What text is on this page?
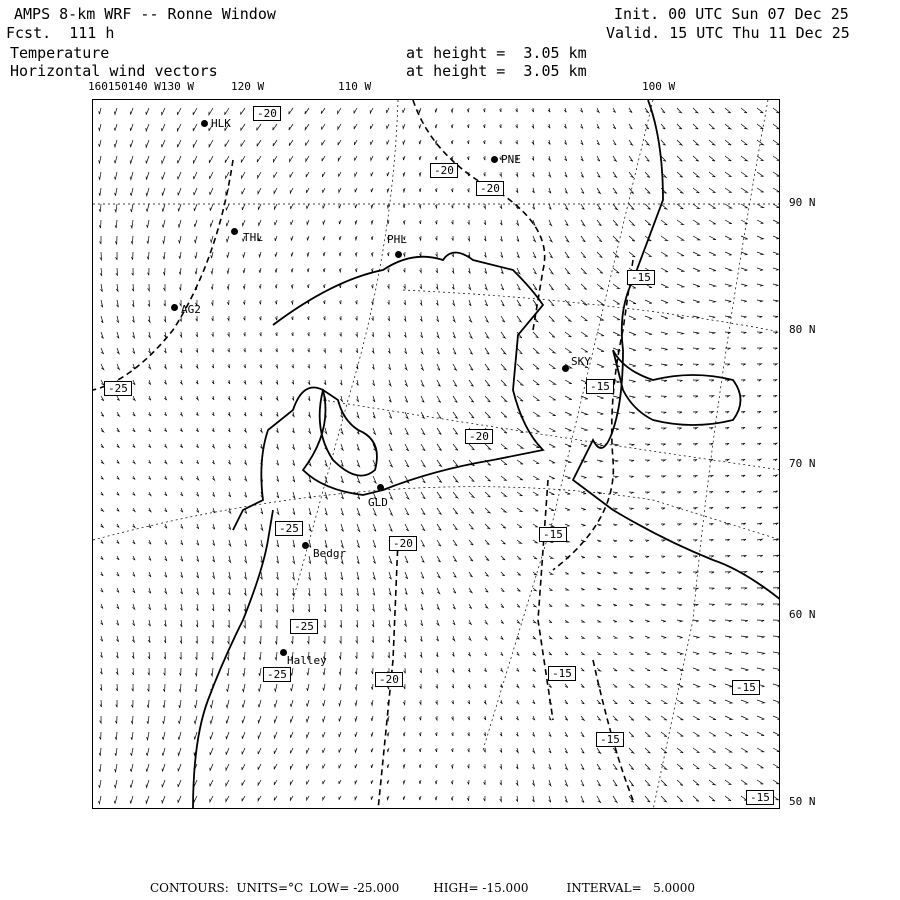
AMPS 8-km WRF -- Ronne Window
Fcst.  111 h
Temperature
Horizontal wind vectors
at height =  3.05 km
at height =  3.05 km
Init. 00 UTC Sun 07 Dec 25
Valid. 15 UTC Thu 11 Dec 25
160150140 W130 W	120 W	110 W	100 W
90 N
80 N
70 N
60 N
50 N
-20
-20
-20
-15
-15
-20
-25
-15
-20
-25
-25
-20
-25	-15
-15
-15
-15
HLK
PNE
THL	PHL
AG2
SKY
GLD
Bedgr
Halley
CONTOURS:  UNITS=°C LOW= -25.000	HIGH= -15.000	INTERVAL=   5.0000
